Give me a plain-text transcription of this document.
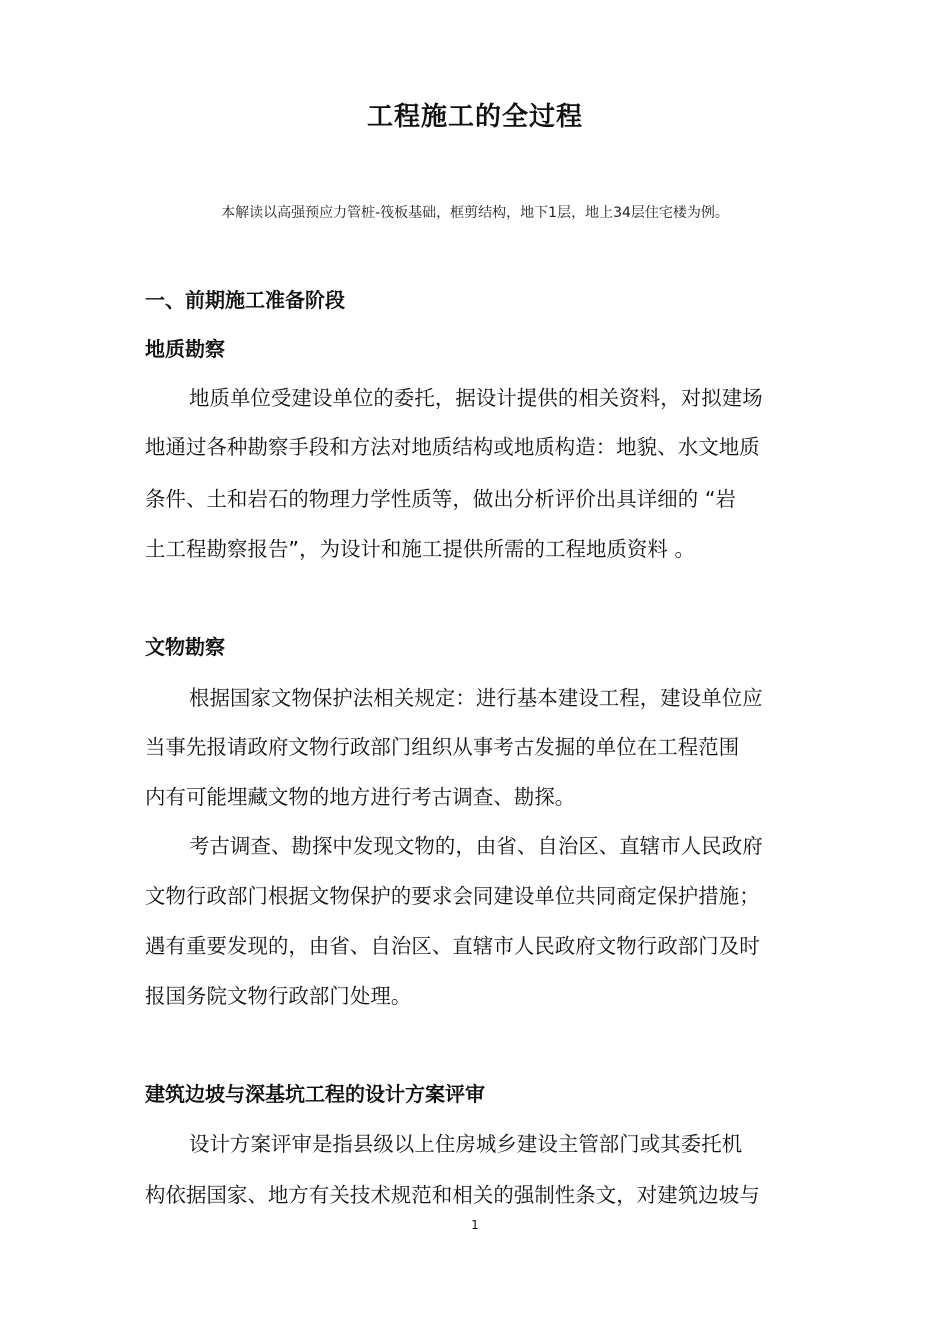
工程施工的全过程

本解读以高强预应力管桩-筏板基础，框剪结构，地下1层，地上34层住宅楼为例。

一、前期施工准备阶段
地质勘察

地质单位受建设单位的委托，据设计提供的相关资料，对拟建场

地通过各种勘察手段和方法对地质结构或地质构造：地貌、水文地质

条件、土和岩石的物理力学性质等，做出分析评价出具详细的 “岩

土工程勘察报告”，为设计和施工提供所需的工程地质资料 。

文物勘察

根据国家文物保护法相关规定：进行基本建设工程，建设单位应

当事先报请政府文物行政部门组织从事考古发掘的单位在工程范围

内有可能埋藏文物的地方进行考古调查、勘探。

考古调查、勘探中发现文物的，由省、自治区、直辖市人民政府

文物行政部门根据文物保护的要求会同建设单位共同商定保护措施；

遇有重要发现的，由省、自治区、直辖市人民政府文物行政部门及时

报国务院文物行政部门处理。

建筑边坡与深基坑工程的设计方案评审

设计方案评审是指县级以上住房城乡建设主管部门或其委托机

构依据国家、地方有关技术规范和相关的强制性条文，对建筑边坡与

1
